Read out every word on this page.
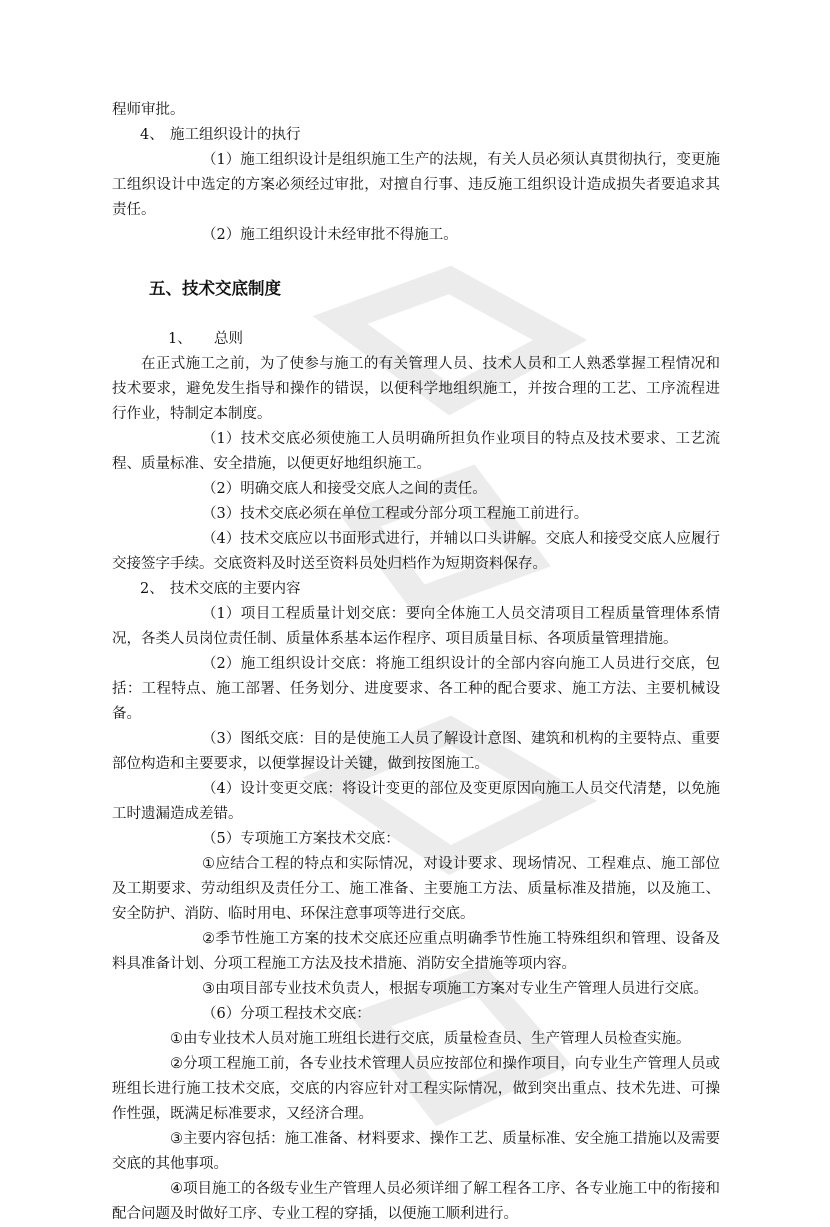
程师审批。

4、 施工组织设计的执行

（1）施工组织设计是组织施工生产的法规，有关人员必须认真贯彻执行，变更施工组织设计中选定的方案必须经过审批，对擅自行事、违反施工组织设计造成损失者要追求其责任。

（2）施工组织设计未经审批不得施工。

五、技术交底制度

1、 总则

在正式施工之前，为了使参与施工的有关管理人员、技术人员和工人熟悉掌握工程情况和技术要求，避免发生指导和操作的错误，以便科学地组织施工，并按合理的工艺、工序流程进行作业，特制定本制度。

（1）技术交底必须使施工人员明确所担负作业项目的特点及技术要求、工艺流程、质量标准、安全措施，以便更好地组织施工。

（2）明确交底人和接受交底人之间的责任。

（3）技术交底必须在单位工程或分部分项工程施工前进行。

（4）技术交底应以书面形式进行，并辅以口头讲解。交底人和接受交底人应履行交接签字手续。交底资料及时送至资料员处归档作为短期资料保存。

2、 技术交底的主要内容

（1）项目工程质量计划交底：要向全体施工人员交清项目工程质量管理体系情况，各类人员岗位责任制、质量体系基本运作程序、项目质量目标、各项质量管理措施。

（2）施工组织设计交底：将施工组织设计的全部内容向施工人员进行交底，包括：工程特点、施工部署、任务划分、进度要求、各工种的配合要求、施工方法、主要机械设备。

（3）图纸交底：目的是使施工人员了解设计意图、建筑和机构的主要特点、重要部位构造和主要要求，以便掌握设计关键，做到按图施工。

（4）设计变更交底：将设计变更的部位及变更原因向施工人员交代清楚，以免施工时遗漏造成差错。

（5）专项施工方案技术交底：

①应结合工程的特点和实际情况，对设计要求、现场情况、工程难点、施工部位及工期要求、劳动组织及责任分工、施工准备、主要施工方法、质量标准及措施，以及施工、安全防护、消防、临时用电、环保注意事项等进行交底。

②季节性施工方案的技术交底还应重点明确季节性施工特殊组织和管理、设备及料具准备计划、分项工程施工方法及技术措施、消防安全措施等项内容。

③由项目部专业技术负责人，根据专项施工方案对专业生产管理人员进行交底。

（6）分项工程技术交底：

①由专业技术人员对施工班组长进行交底，质量检查员、生产管理人员检查实施。

②分项工程施工前，各专业技术管理人员应按部位和操作项目，向专业生产管理人员或班组长进行施工技术交底，交底的内容应针对工程实际情况，做到突出重点、技术先进、可操作性强，既满足标准要求，又经济合理。

③主要内容包括：施工准备、材料要求、操作工艺、质量标准、安全施工措施以及需要交底的其他事项。

④项目施工的各级专业生产管理人员必须详细了解工程各工序、各专业施工中的衔接和配合问题及时做好工序、专业工程的穿插，以便施工顺利进行。
